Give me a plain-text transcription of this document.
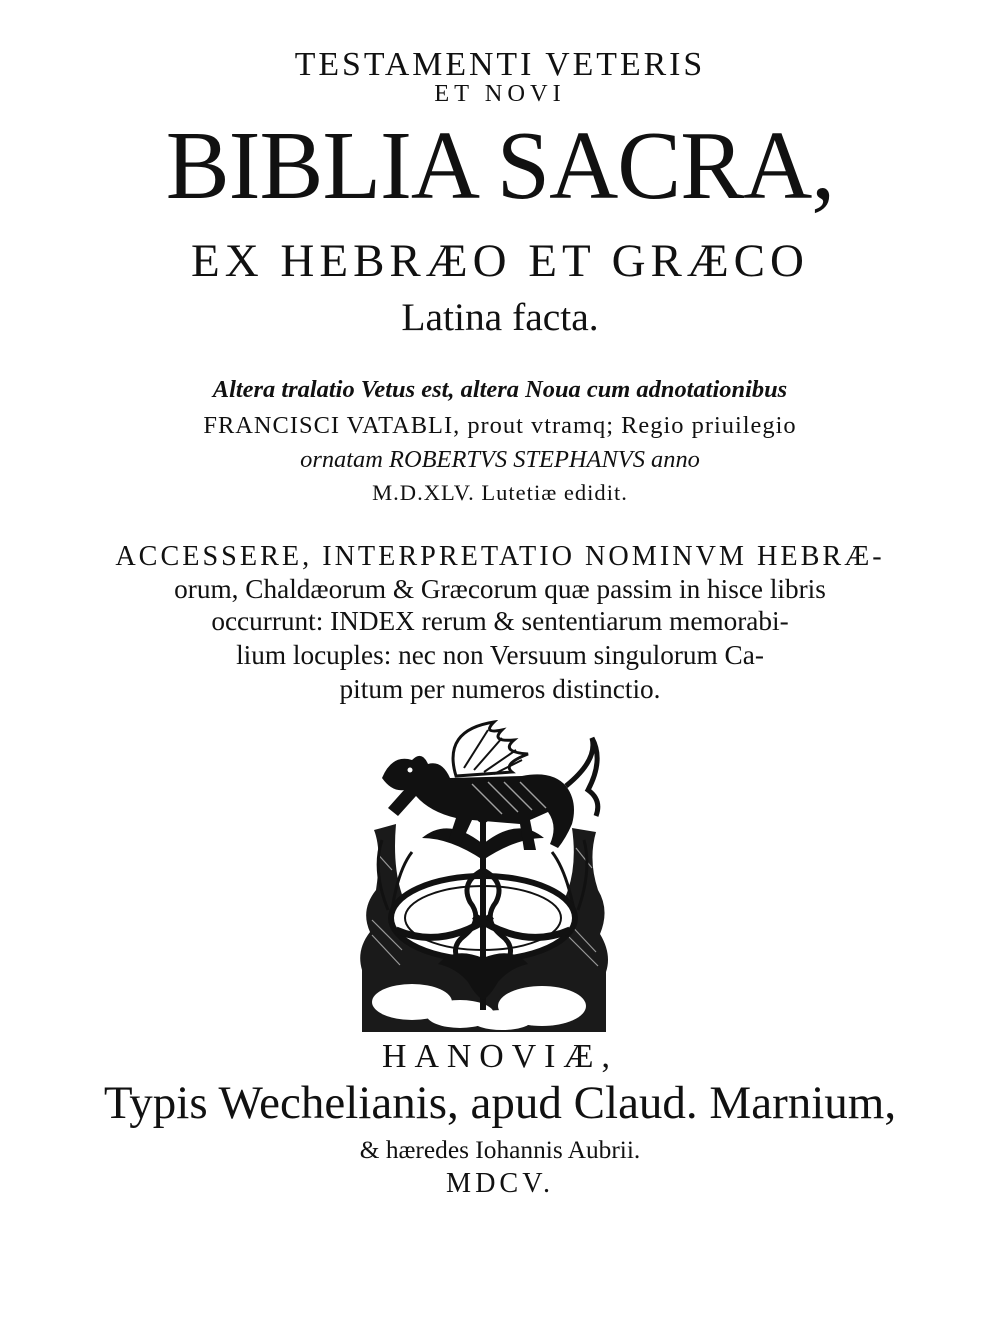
TESTAMENTI VETERIS

ET NOVI

BIBLIA SACRA,

EX HEBRÆO ET GRÆCO

Latina facta.

Altera tralatio Vetus est, altera Noua cum adnotationibus

FRANCISCI VATABLI, prout vtramq; Regio priuilegio

ornatam ROBERTVS STEPHANVS anno

M.D.XLV. Lutetiæ edidit.

ACCESSERE, INTERPRETATIO NOMINVM HEBRÆ-

orum, Chaldæorum & Græcorum quæ passim in hisce libris

occurrunt: INDEX rerum & sententiarum memorabi-

lium locuples: nec non Versuum singulorum Ca-

pitum per numeros distinctio.

HANOVIÆ,

Typis Wechelianis, apud Claud. Marnium,

& hæredes Iohannis Aubrii.

MDCV.
